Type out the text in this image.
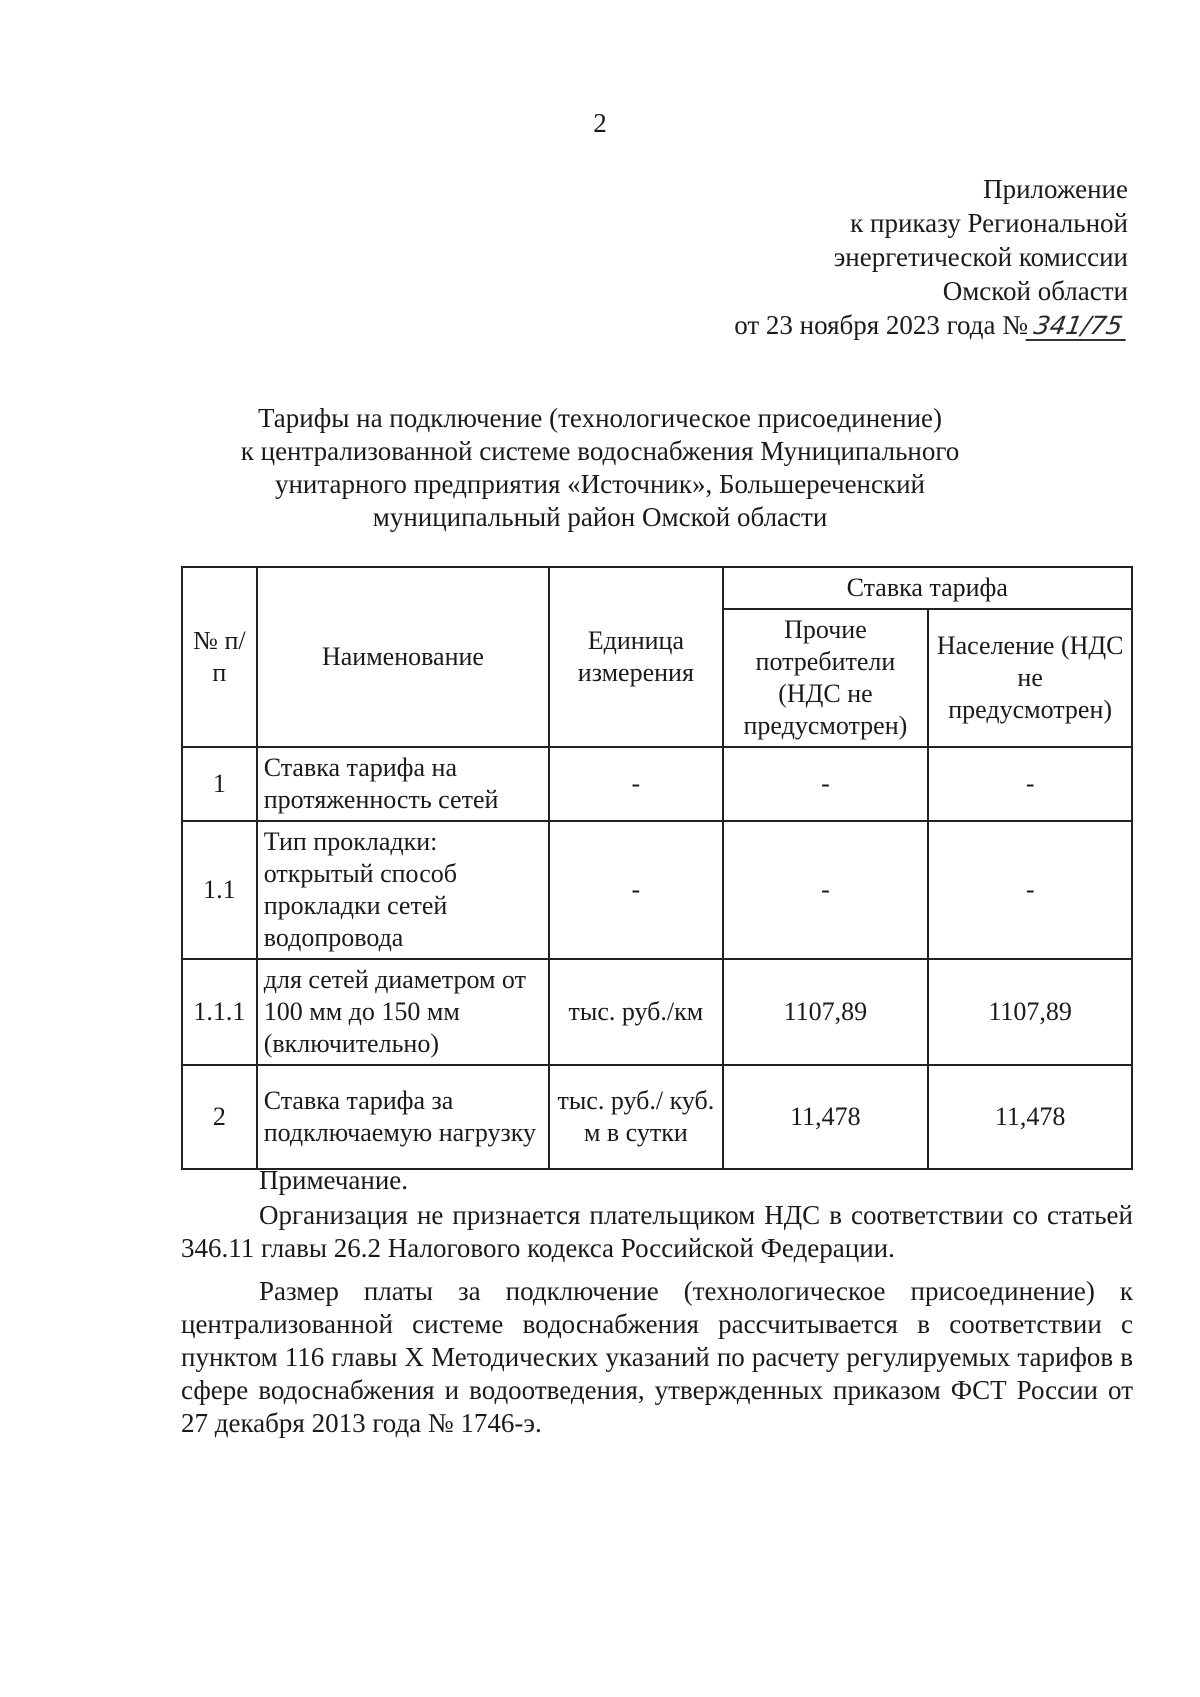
2
Приложение
к приказу Региональной
энергетической комиссии
Омской области
от 23 ноября 2023 года № 341/75
Тарифы на подключение (технологическое присоединение)
к централизованной системе водоснабжения Муниципального
унитарного предприятия «Источник», Большереченский
муниципальный район Омской области
№ п/п	Наименование	Единица измерения	Ставка тарифа	
			Прочие потребители (НДС не предусмотрен)	Население (НДС не предусмотрен)
1	Ставка тарифа на протяженность сетей	-	-	-
1.1	Тип прокладки: открытый способ прокладки сетей водопровода	-	-	-
1.1.1	для сетей диаметром от 100 мм до 150 мм (включительно)	тыс. руб./км	1107,89	1107,89
2	Ставка тарифа за подключаемую нагрузку	тыс. руб./ куб. м в сутки	11,478	11,478

Примечание.

Организация не признается плательщиком НДС в соответствии со статьей 346.11 главы 26.2 Налогового кодекса Российской Федерации.

Размер платы за подключение (технологическое присоединение) к централизованной системе водоснабжения рассчитывается в соответствии с пунктом 116 главы X Методических указаний по расчету регулируемых тарифов в сфере водоснабжения и водоотведения, утвержденных приказом ФСТ России от 27 декабря 2013 года № 1746-э.
